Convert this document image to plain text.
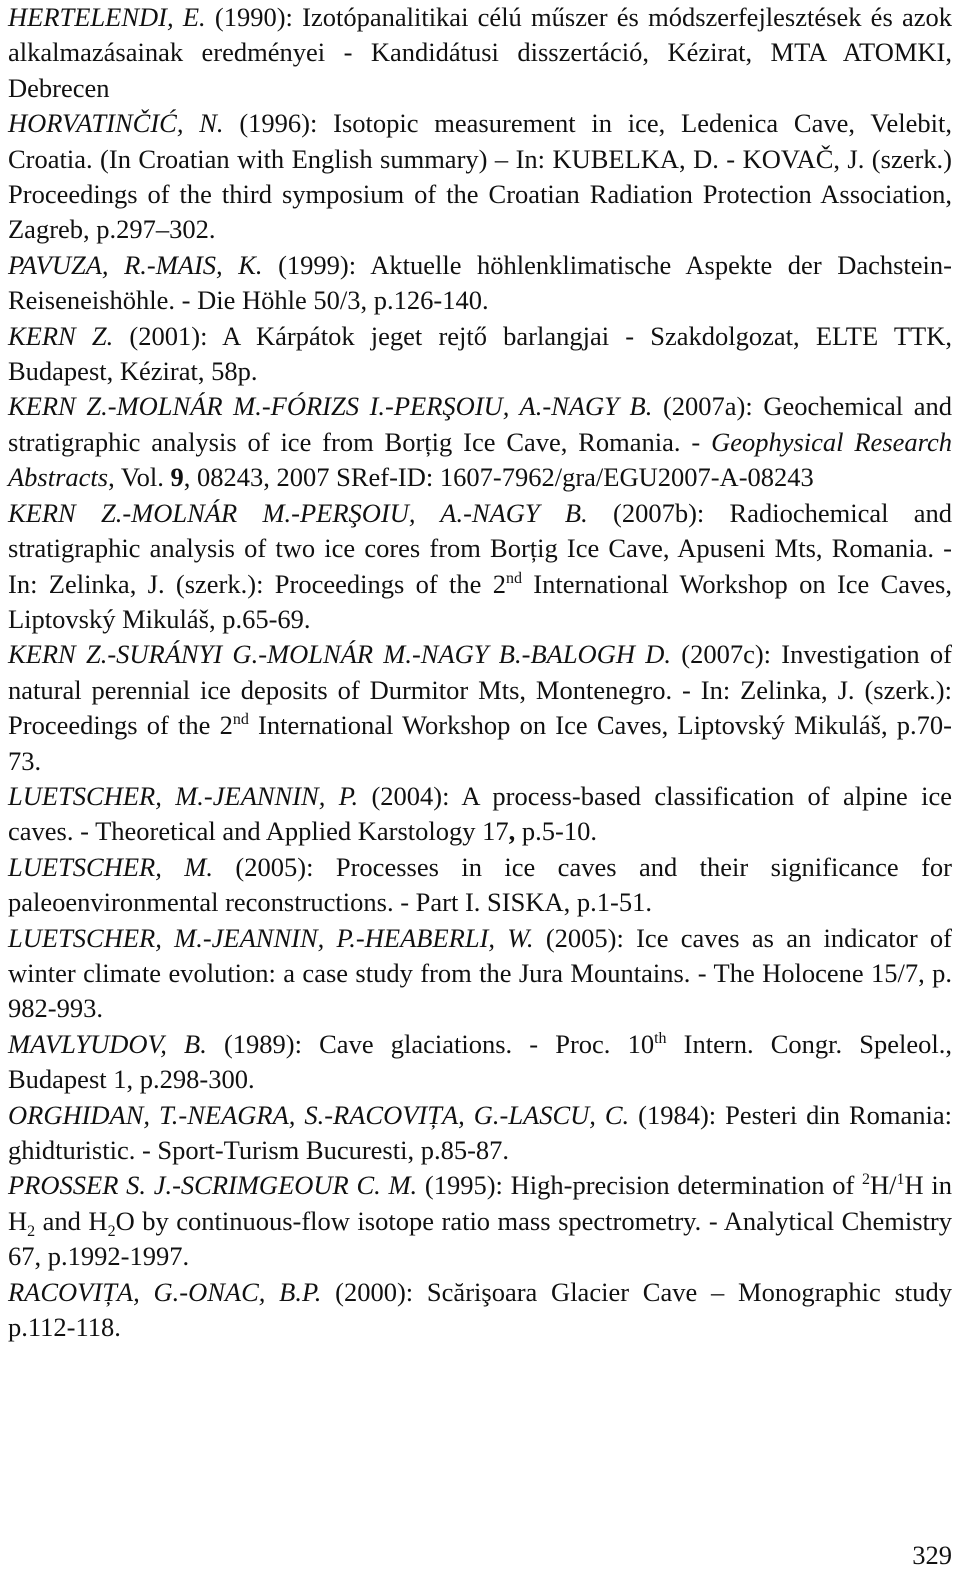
HERTELENDI, E. (1990): Izotópanalitikai célú műszer és módszerfejlesztések és azok alkalmazásainak eredményei - Kandidátusi disszertáció, Kézirat, MTA ATOMKI, Debrecen

HORVATINČIĆ, N. (1996): Isotopic measurement in ice, Ledenica Cave, Velebit, Croatia. (In Croatian with English summary) – In: KUBELKA, D. - KOVAČ, J. (szerk.) Proceedings of the third symposium of the Croatian Radiation Protection Association, Zagreb, p.297–302.

PAVUZA, R.-MAIS, K. (1999): Aktuelle höhlenklimatische Aspekte der Dachstein-Reiseneishöhle. - Die Höhle 50/3, p.126-140.

KERN Z. (2001): A Kárpátok jeget rejtő barlangjai - Szakdolgozat, ELTE TTK, Budapest, Kézirat, 58p.

KERN Z.-MOLNÁR M.-FÓRIZS I.-PERŞOIU, A.-NAGY B. (2007a): Geochemical and stratigraphic analysis of ice from Borțig Ice Cave, Romania. - Geophysical Research Abstracts, Vol. 9, 08243, 2007 SRef-ID: 1607-7962/gra/EGU2007-A-08243

KERN Z.-MOLNÁR M.-PERŞOIU, A.-NAGY B. (2007b): Radiochemical and stratigraphic analysis of two ice cores from Borțig Ice Cave, Apuseni Mts, Romania. - In: Zelinka, J. (szerk.): Proceedings of the 2nd International Workshop on Ice Caves, Liptovský Mikuláš, p.65-69.

KERN Z.-SURÁNYI G.-MOLNÁR M.-NAGY B.-BALOGH D. (2007c): Investigation of natural perennial ice deposits of Durmitor Mts, Montenegro. - In: Zelinka, J. (szerk.): Proceedings of the 2nd International Workshop on Ice Caves, Liptovský Mikuláš, p.70-73.

LUETSCHER, M.-JEANNIN, P. (2004): A process-based classification of alpine ice caves. - Theoretical and Applied Karstology 17, p.5-10.

LUETSCHER, M. (2005): Processes in ice caves and their significance for paleoenvironmental reconstructions. - Part I. SISKA, p.1-51.

LUETSCHER, M.-JEANNIN, P.-HEABERLI, W. (2005): Ice caves as an indicator of winter climate evolution: a case study from the Jura Mountains. - The Holocene 15/7, p. 982-993.

MAVLYUDOV, B. (1989): Cave glaciations. - Proc. 10th Intern. Congr. Speleol., Budapest 1, p.298-300.

ORGHIDAN, T.-NEAGRA, S.-RACOVIȚA, G.-LASCU, C. (1984): Pesteri din Romania: ghidturistic. - Sport-Turism Bucuresti, p.85-87.

PROSSER S. J.-SCRIMGEOUR C. M. (1995): High-precision determination of $^2$H/$^1$H in $H_2$ and $H_2O$ by continuous-flow isotope ratio mass spectrometry. - Analytical Chemistry 67, p.1992-1997.

RACOVIȚA, G.-ONAC, B.P. (2000): Scărişoara Glacier Cave – Monographic study p.112-118.

329
